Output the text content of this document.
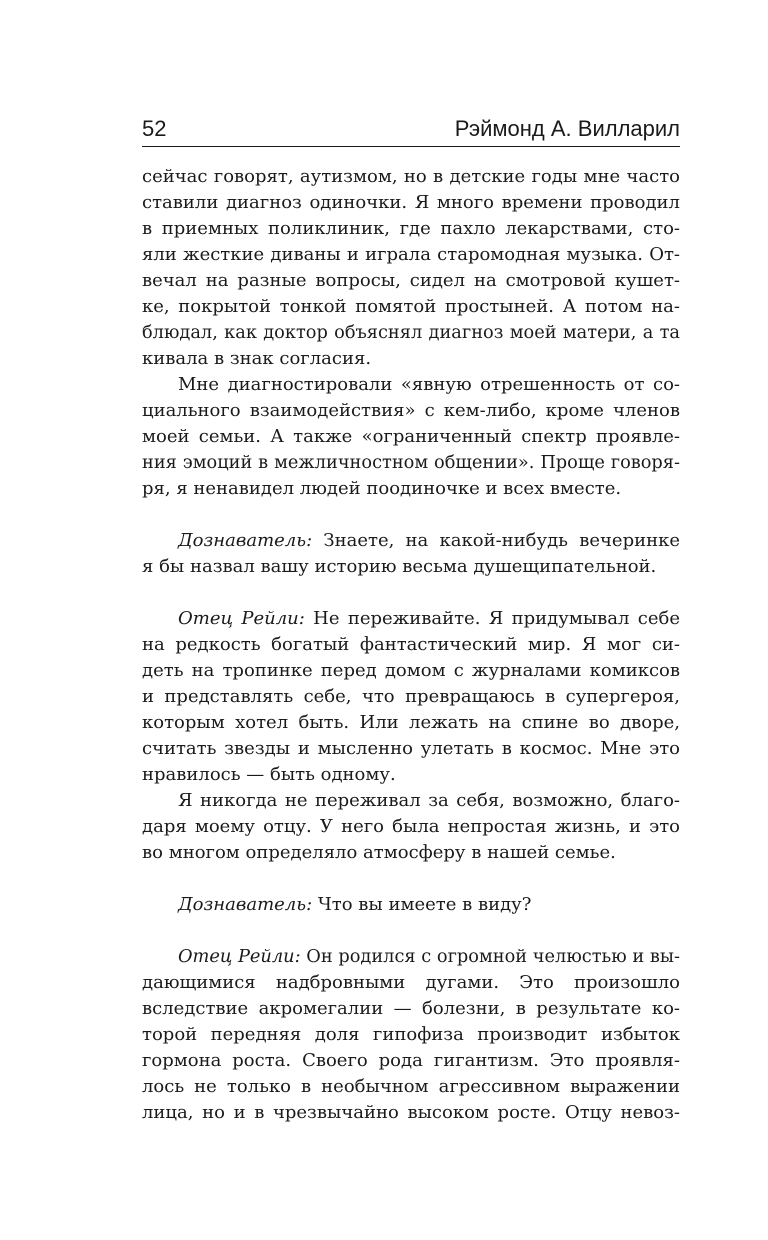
52	Рэймонд А. Вилларил
сейчас говорят, аутизмом, но в детские годы мне часто
ставили диагноз одиночки. Я много времени проводил
в приемных поликлиник, где пахло лекарствами, сто-
яли жесткие диваны и играла старомодная музыка. От-
вечал на разные вопросы, сидел на смотровой кушет-
ке, покрытой тонкой помятой простыней. А потом на-
блюдал, как доктор объяснял диагноз моей матери, а та
кивала в знак согласия.
Мне диагностировали «явную отрешенность от со-
циального взаимодействия» с кем-либо, кроме членов
моей семьи. А также «ограниченный спектр проявле-
ния эмоций в межличностном общении». Проще говоря-
ря, я ненавидел людей поодиночке и всех вместе.
Дознаватель: Знаете, на какой-нибудь вечеринке
я бы назвал вашу историю весьма душещипательной.
Отец Рейли: Не переживайте. Я придумывал себе
на редкость богатый фантастический мир. Я мог си-
деть на тропинке перед домом с журналами комиксов
и представлять себе, что превращаюсь в супергероя,
которым хотел быть. Или лежать на спине во дворе,
считать звезды и мысленно улетать в космос. Мне это
нравилось — быть одному.
Я никогда не переживал за себя, возможно, благо-
даря моему отцу. У него была непростая жизнь, и это
во многом определяло атмосферу в нашей семье.
Дознаватель: Что вы имеете в виду?
Отец Рейли: Он родился с огромной челюстью и вы-
дающимися надбровными дугами. Это произошло
вследствие акромегалии — болезни, в результате ко-
торой передняя доля гипофиза производит избыток
гормона роста. Своего рода гигантизм. Это проявля-
лось не только в необычном агрессивном выражении
лица, но и в чрезвычайно высоком росте. Отцу невоз-
